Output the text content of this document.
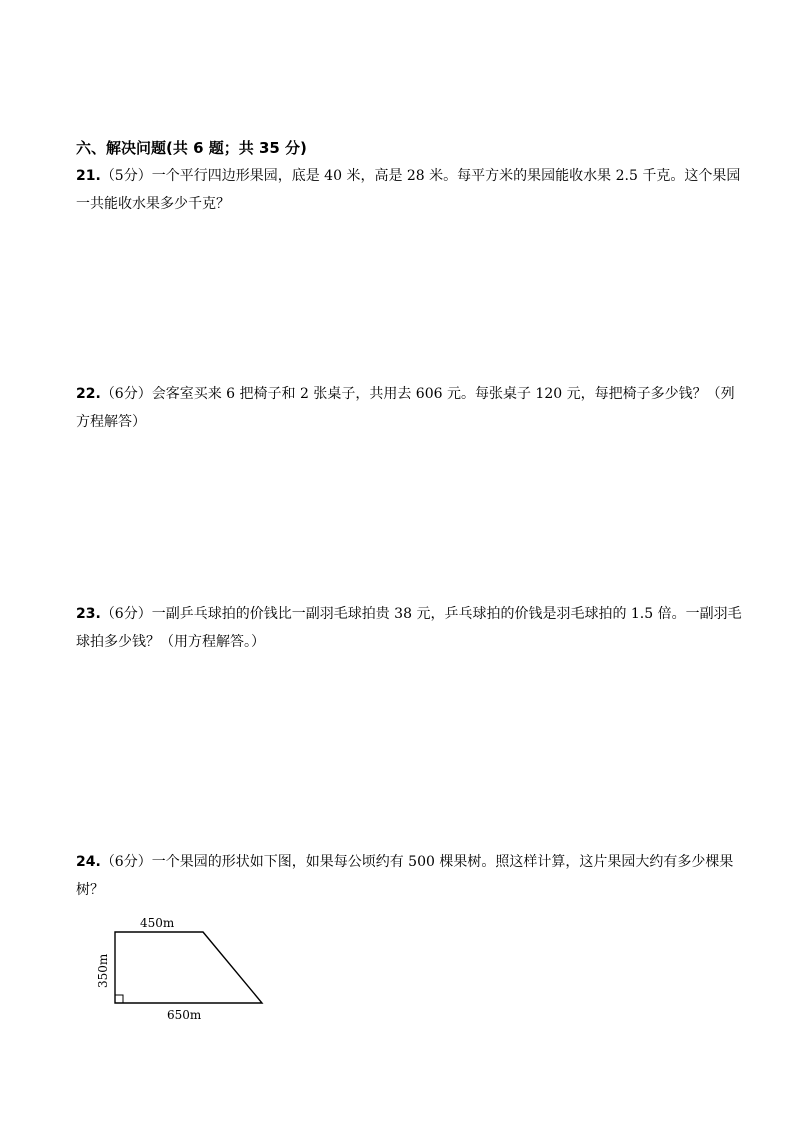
六、解决问题(共 6 题；共 35 分)
21.（5分）一个平行四边形果园，底是 40 米，高是 28 米。每平方米的果园能收水果 2.5 千克。这个果园一共能收水果多少千克？
22.（6分）会客室买来 6 把椅子和 2 张桌子，共用去 606 元。每张桌子 120 元，每把椅子多少钱？（列方程解答）
23.（6分）一副乒乓球拍的价钱比一副羽毛球拍贵 38 元，乒乓球拍的价钱是羽毛球拍的 1.5 倍。一副羽毛球拍多少钱？（用方程解答。）
24.（6分）一个果园的形状如下图，如果每公顷约有 500 棵果树。照这样计算，这片果园大约有多少棵果树？
450m
350m
650m
